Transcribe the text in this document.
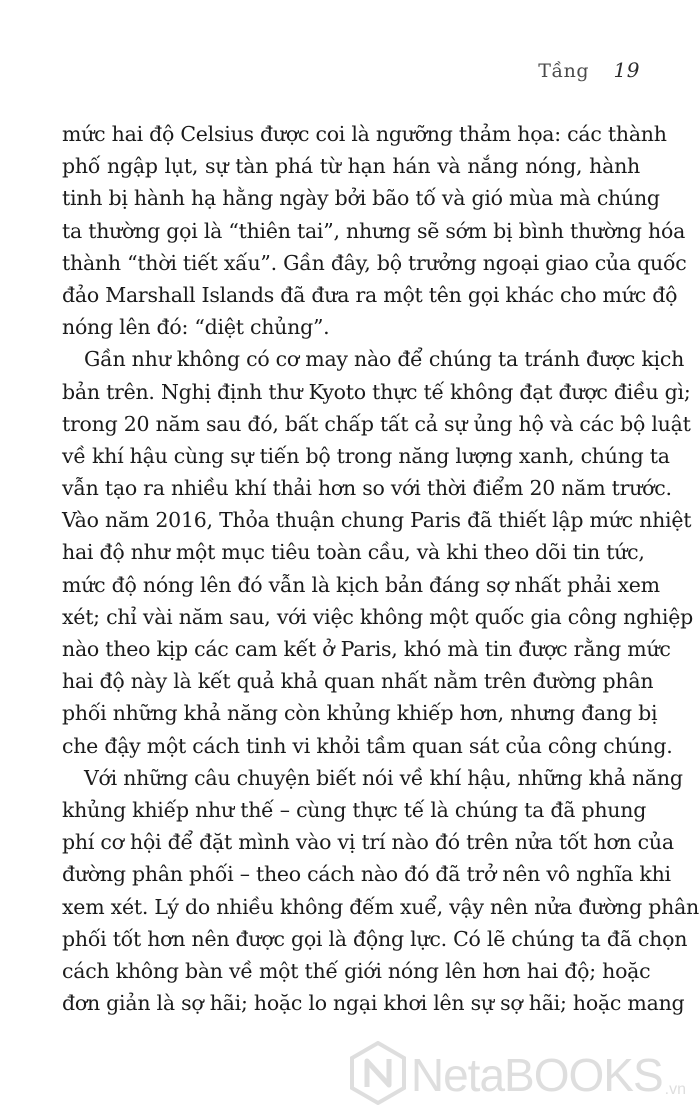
Tầng 19
mức hai độ Celsius được coi là ngưỡng thảm họa: các thành
phố ngập lụt, sự tàn phá từ hạn hán và nắng nóng, hành
tinh bị hành hạ hằng ngày bởi bão tố và gió mùa mà chúng
ta thường gọi là “thiên tai”, nhưng sẽ sớm bị bình thường hóa
thành “thời tiết xấu”. Gần đây, bộ trưởng ngoại giao của quốc
đảo Marshall Islands đã đưa ra một tên gọi khác cho mức độ
nóng lên đó: “diệt chủng”.
Gần như không có cơ may nào để chúng ta tránh được kịch
bản trên. Nghị định thư Kyoto thực tế không đạt được điều gì;
trong 20 năm sau đó, bất chấp tất cả sự ủng hộ và các bộ luật
về khí hậu cùng sự tiến bộ trong năng lượng xanh, chúng ta
vẫn tạo ra nhiều khí thải hơn so với thời điểm 20 năm trước.
Vào năm 2016, Thỏa thuận chung Paris đã thiết lập mức nhiệt
hai độ như một mục tiêu toàn cầu, và khi theo dõi tin tức,
mức độ nóng lên đó vẫn là kịch bản đáng sợ nhất phải xem
xét; chỉ vài năm sau, với việc không một quốc gia công nghiệp
nào theo kịp các cam kết ở Paris, khó mà tin được rằng mức
hai độ này là kết quả khả quan nhất nằm trên đường phân
phối những khả năng còn khủng khiếp hơn, nhưng đang bị
che đậy một cách tinh vi khỏi tầm quan sát của công chúng.
Với những câu chuyện biết nói về khí hậu, những khả năng
khủng khiếp như thế – cùng thực tế là chúng ta đã phung
phí cơ hội để đặt mình vào vị trí nào đó trên nửa tốt hơn của
đường phân phối – theo cách nào đó đã trở nên vô nghĩa khi
xem xét. Lý do nhiều không đếm xuể, vậy nên nửa đường phân
phối tốt hơn nên được gọi là động lực. Có lẽ chúng ta đã chọn
cách không bàn về một thế giới nóng lên hơn hai độ; hoặc
đơn giản là sợ hãi; hoặc lo ngại khơi lên sự sợ hãi; hoặc mang
NetaBOOKS .vn
